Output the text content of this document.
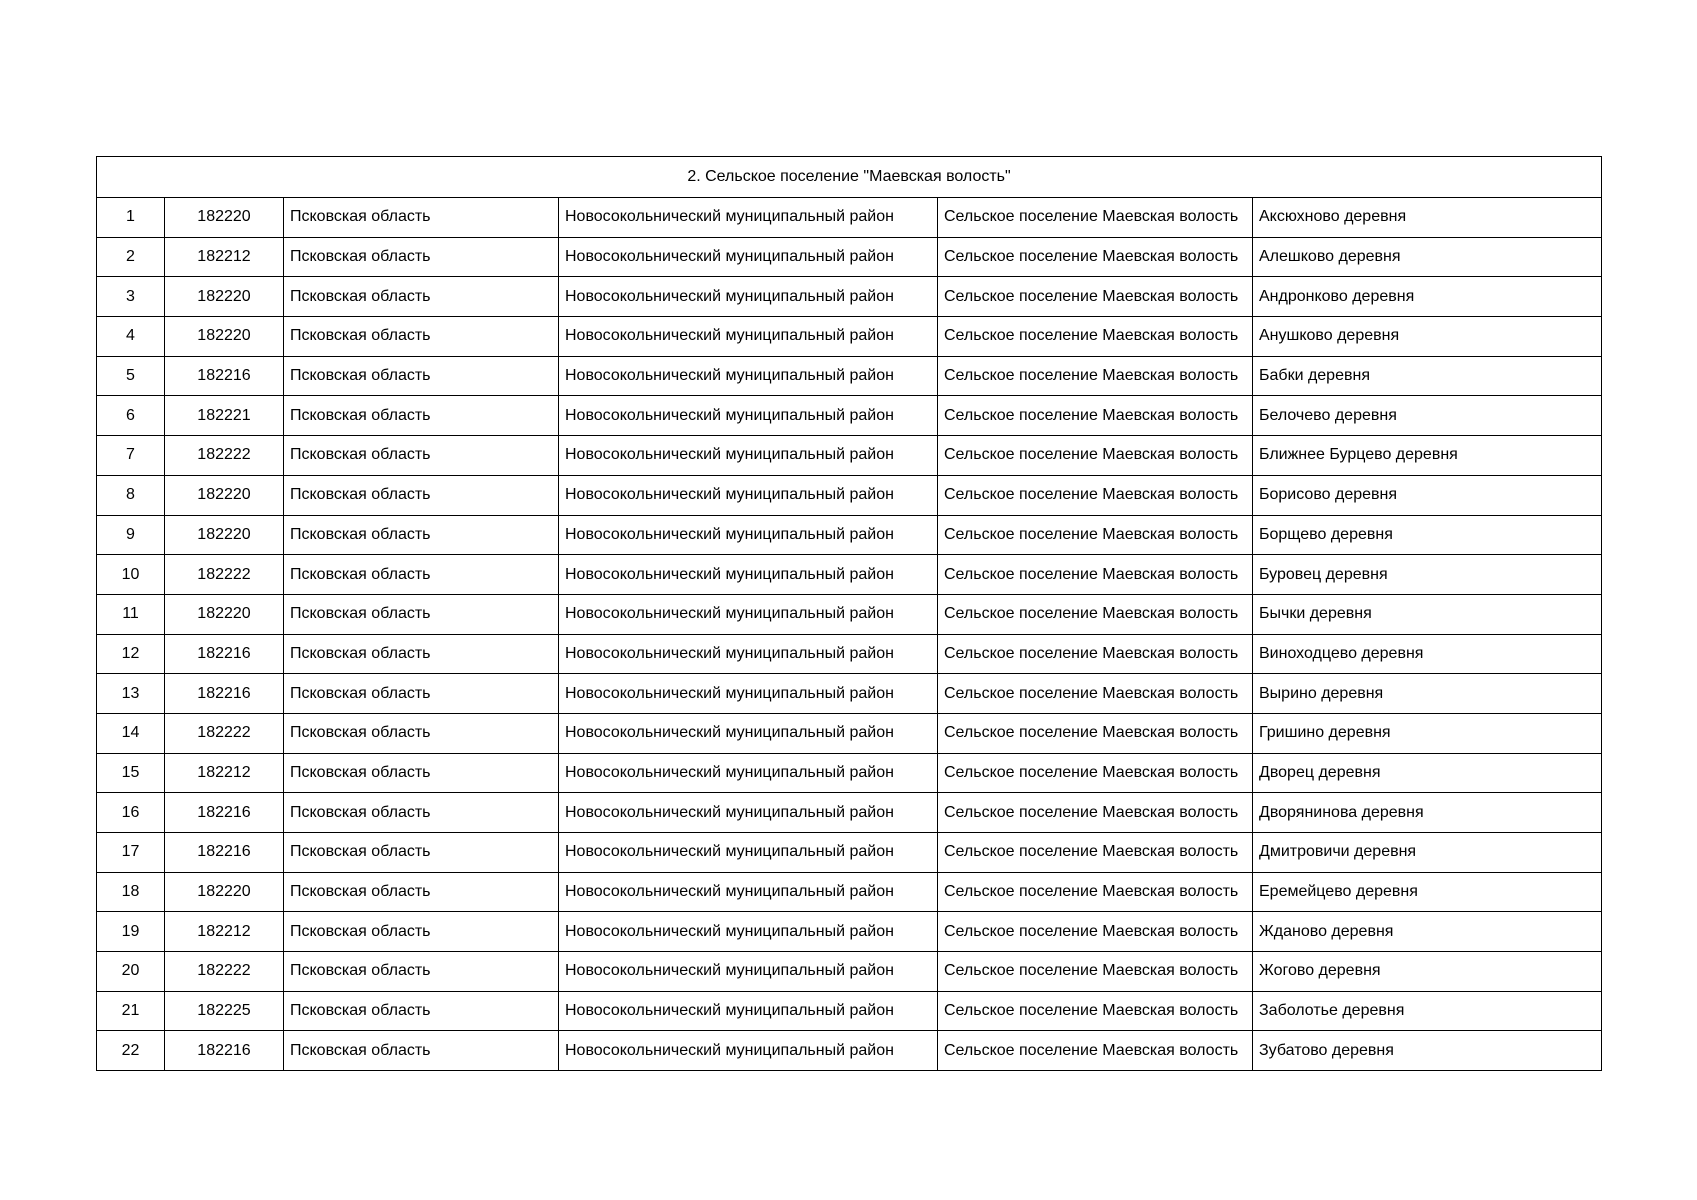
2. Сельское поселение "Маевская волость"					
1	182220	Псковская область	Новосокольнический муниципальный район	Сельское поселение Маевская волость	Аксюхново деревня
2	182212	Псковская область	Новосокольнический муниципальный район	Сельское поселение Маевская волость	Алешково деревня
3	182220	Псковская область	Новосокольнический муниципальный район	Сельское поселение Маевская волость	Андронково деревня
4	182220	Псковская область	Новосокольнический муниципальный район	Сельское поселение Маевская волость	Анушково деревня
5	182216	Псковская область	Новосокольнический муниципальный район	Сельское поселение Маевская волость	Бабки деревня
6	182221	Псковская область	Новосокольнический муниципальный район	Сельское поселение Маевская волость	Белочево деревня
7	182222	Псковская область	Новосокольнический муниципальный район	Сельское поселение Маевская волость	Ближнее Бурцево деревня
8	182220	Псковская область	Новосокольнический муниципальный район	Сельское поселение Маевская волость	Борисово деревня
9	182220	Псковская область	Новосокольнический муниципальный район	Сельское поселение Маевская волость	Борщево деревня
10	182222	Псковская область	Новосокольнический муниципальный район	Сельское поселение Маевская волость	Буровец деревня
11	182220	Псковская область	Новосокольнический муниципальный район	Сельское поселение Маевская волость	Бычки деревня
12	182216	Псковская область	Новосокольнический муниципальный район	Сельское поселение Маевская волость	Виноходцево деревня
13	182216	Псковская область	Новосокольнический муниципальный район	Сельское поселение Маевская волость	Вырино деревня
14	182222	Псковская область	Новосокольнический муниципальный район	Сельское поселение Маевская волость	Гришино деревня
15	182212	Псковская область	Новосокольнический муниципальный район	Сельское поселение Маевская волость	Дворец деревня
16	182216	Псковская область	Новосокольнический муниципальный район	Сельское поселение Маевская волость	Дворянинова деревня
17	182216	Псковская область	Новосокольнический муниципальный район	Сельское поселение Маевская волость	Дмитровичи деревня
18	182220	Псковская область	Новосокольнический муниципальный район	Сельское поселение Маевская волость	Еремейцево деревня
19	182212	Псковская область	Новосокольнический муниципальный район	Сельское поселение Маевская волость	Жданово деревня
20	182222	Псковская область	Новосокольнический муниципальный район	Сельское поселение Маевская волость	Жогово деревня
21	182225	Псковская область	Новосокольнический муниципальный район	Сельское поселение Маевская волость	Заболотье деревня
22	182216	Псковская область	Новосокольнический муниципальный район	Сельское поселение Маевская волость	Зубатово деревня
